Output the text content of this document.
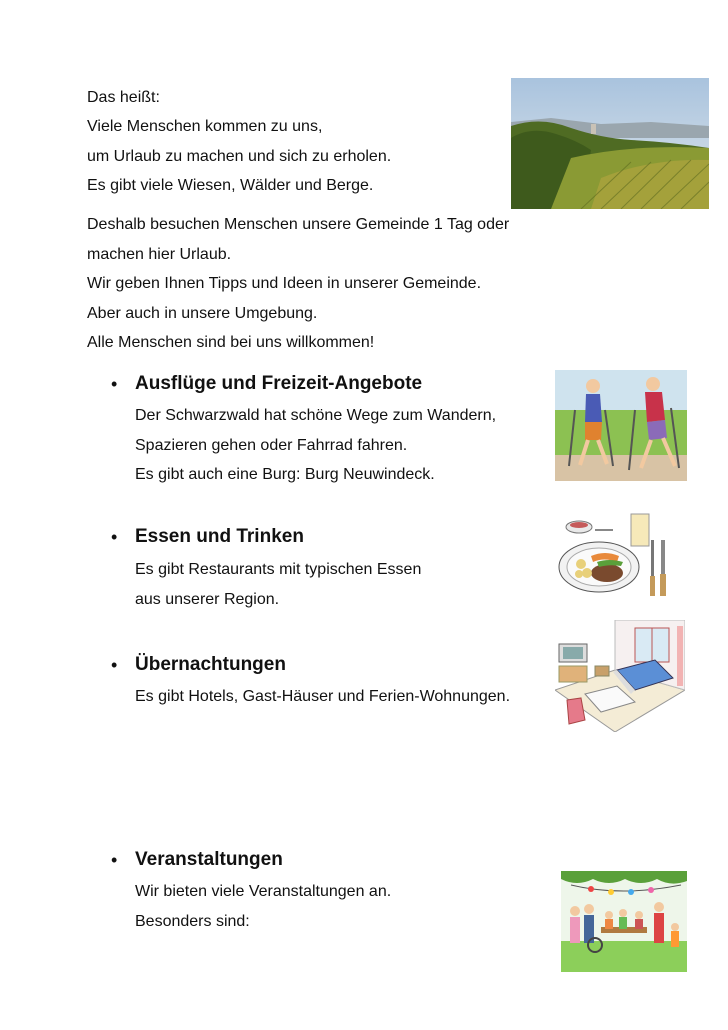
Das heißt:
Viele Menschen kommen zu uns,
um Urlaub zu machen und sich zu erholen.
Es gibt viele Wiesen, Wälder und Berge.
Deshalb besuchen Menschen unsere Gemeinde 1 Tag oder
machen hier Urlaub.
Wir geben Ihnen Tipps und Ideen in unserer Gemeinde.
Aber auch in unsere Umgebung.
Alle Menschen sind bei uns willkommen!
• Ausflüge und Freizeit-Angebote
Der Schwarzwald hat schöne Wege zum Wandern,
Spazieren gehen oder Fahrrad fahren.
Es gibt auch eine Burg: Burg Neuwindeck.
• Essen und Trinken
Es gibt Restaurants mit typischen Essen
aus unserer Region.
• Übernachtungen
Es gibt Hotels, Gast-Häuser und Ferien-Wohnungen.
• Veranstaltungen
Wir bieten viele Veranstaltungen an.
Besonders sind:
